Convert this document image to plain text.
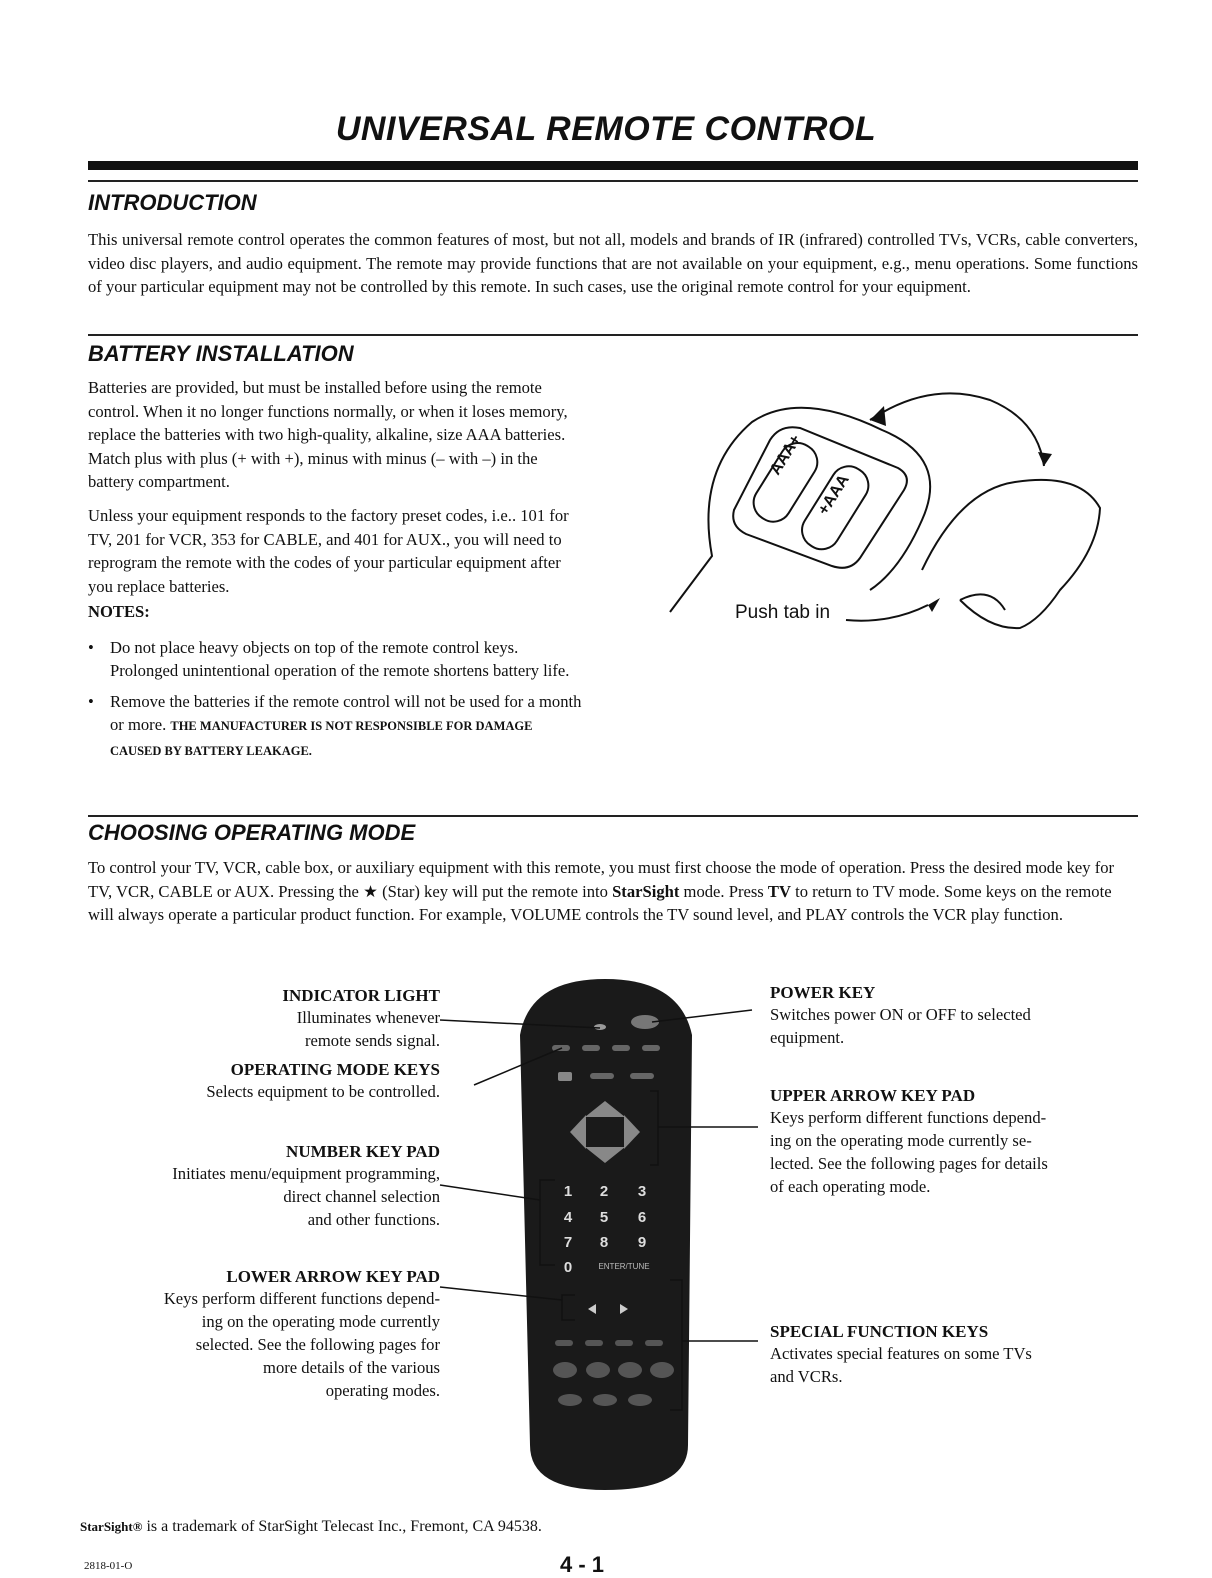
UNIVERSAL REMOTE CONTROL
INTRODUCTION
This universal remote control operates the common features of most, but not all, models and brands of IR (infrared) controlled TVs, VCRs, cable converters, video disc players, and audio equipment. The remote may provide functions that are not available on your equipment, e.g., menu operations. Some functions of your particular equipment may not be controlled by this remote. In such cases, use the original remote control for your equipment.
BATTERY INSTALLATION
Batteries are provided, but must be installed before using the remote control. When it no longer functions normally, or when it loses memory, replace the batteries with two high-quality, alkaline, size AAA batteries. Match plus with plus (+ with +), minus with minus (– with –) in the battery compartment.
Unless your equipment responds to the factory preset codes, i.e.. 101 for TV, 201 for VCR, 353 for CABLE, and 401 for AUX., you will need to reprogram the remote with the codes of your particular equipment after you replace batteries.
NOTES:
• Do not place heavy objects on top of the remote control keys. Prolonged unintentional operation of the remote shortens battery life.
• Remove the batteries if the remote control will not be used for a month or more. THE MANUFACTURER IS NOT RESPONSIBLE FOR DAMAGE CAUSED BY BATTERY LEAKAGE.
AAA+
+AAA
Push tab in
CHOOSING OPERATING MODE
To control your TV, VCR, cable box, or auxiliary equipment with this remote, you must first choose the mode of operation. Press the desired mode key for TV, VCR, CABLE or AUX. Pressing the ★ (Star) key will put the remote into StarSight mode. Press TV to return to TV mode. Some keys on the remote will always operate a particular product function. For example, VOLUME controls the TV sound level, and PLAY controls the VCR play function.
INDICATOR LIGHT
Illuminates whenever
remote sends signal.
OPERATING MODE KEYS
Selects equipment to be controlled.
NUMBER KEY PAD
Initiates menu/equipment programming,
direct channel selection
and other functions.
LOWER ARROW KEY PAD
Keys perform different functions depend-
ing on the operating mode currently
selected. See the following pages for
more details of the various
operating modes.
POWER KEY
Switches power ON or OFF to selected
equipment.
UPPER ARROW KEY PAD
Keys perform different functions depend-
ing on the operating mode currently se-
lected. See the following pages for details
of each operating mode.
SPECIAL FUNCTION KEYS
Activates special features on some TVs
and VCRs.
1 2 3
4 5 6
7 8 9
0	ENTER/TUNE
StarSight® is a trademark of StarSight Telecast Inc., Fremont, CA 94538.
2818-01-O	4 - 1
